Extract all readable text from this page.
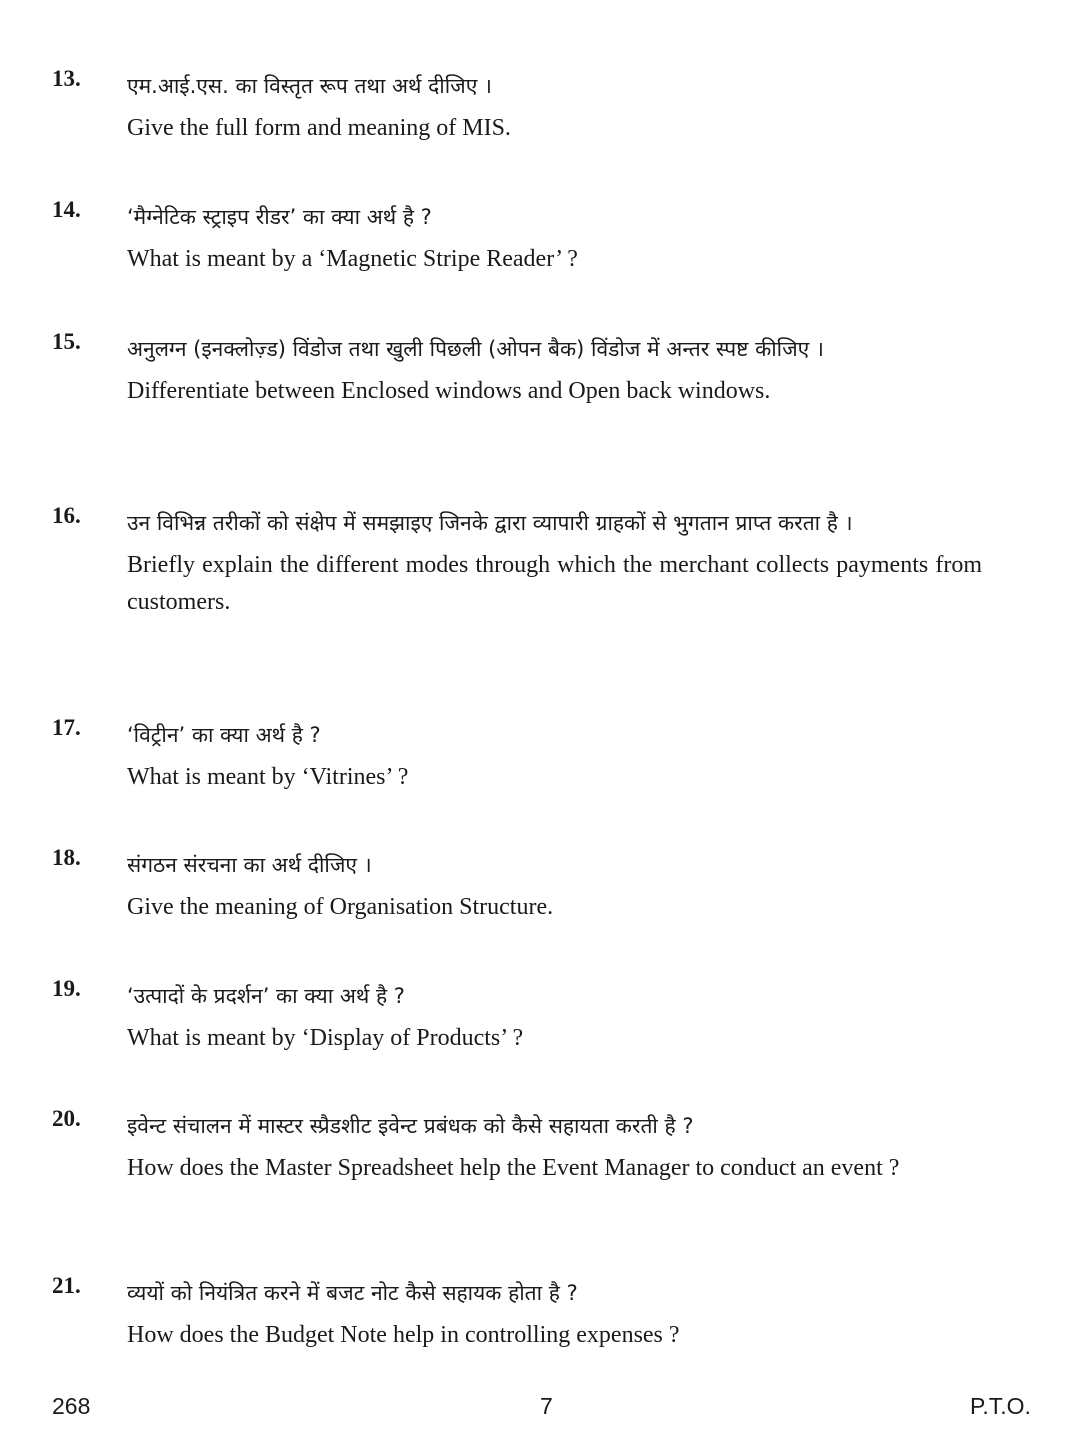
13. एम.आई.एस. का विस्तृत रूप तथा अर्थ दीजिए ।

Give the full form and meaning of MIS.

14. ‘मैग्नेटिक स्ट्राइप रीडर’ का क्या अर्थ है ?

What is meant by a ‘Magnetic Stripe Reader’ ?

15. अनुलग्न (इनक्लोज़्ड) विंडोज तथा खुली पिछली (ओपन बैक) विंडोज में अन्तर स्पष्ट कीजिए ।

Differentiate between Enclosed windows and Open back windows.

16. उन विभिन्न तरीकों को संक्षेप में समझाइए जिनके द्वारा व्यापारी ग्राहकों से भुगतान प्राप्त करता है ।

Briefly explain the different modes through which the merchant collects payments from customers.

17. ‘विट्रीन’ का क्या अर्थ है ?

What is meant by ‘Vitrines’ ?

18. संगठन संरचना का अर्थ दीजिए ।

Give the meaning of Organisation Structure.

19. ‘उत्पादों के प्रदर्शन’ का क्या अर्थ है ?

What is meant by ‘Display of Products’ ?

20. इवेन्ट संचालन में मास्टर स्प्रैडशीट इवेन्ट प्रबंधक को कैसे सहायता करती है ?

How does the Master Spreadsheet help the Event Manager to conduct an event ?

21. व्ययों को नियंत्रित करने में बजट नोट कैसे सहायक होता है ?

How does the Budget Note help in controlling expenses ?

268	7	P.T.O.
